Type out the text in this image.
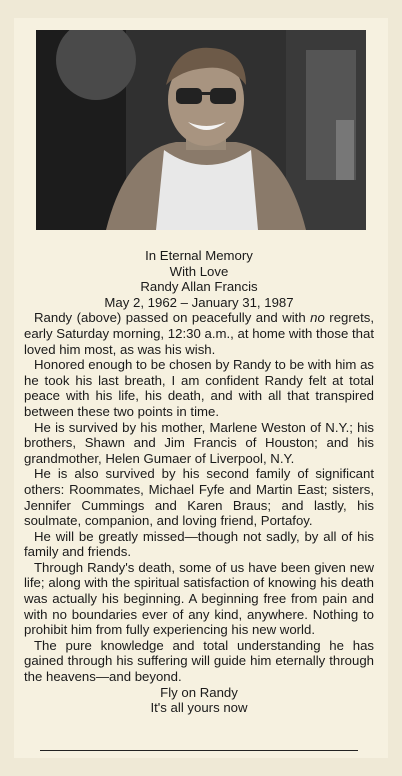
In Eternal Memory
With Love
Randy Allan Francis
May 2, 1962 – January 31, 1987
Randy (above) passed on peacefully and with no regrets, early Saturday morning, 12:30 a.m., at home with those that loved him most, as was his wish.
Honored enough to be chosen by Randy to be with him as he took his last breath, I am confident Randy felt at total peace with his life, his death, and with all that transpired between these two points in time.
He is survived by his mother, Marlene Weston of N.Y.; his brothers, Shawn and Jim Francis of Houston; and his grandmother, Helen Gumaer of Liverpool, N.Y.
He is also survived by his second family of significant others: Roommates, Michael Fyfe and Martin East; sisters, Jennifer Cummings and Karen Braus; and lastly, his soulmate, companion, and loving friend, Portafoy.
He will be greatly missed—though not sadly, by all of his family and friends.
Through Randy's death, some of us have been given new life; along with the spiritual satisfaction of knowing his death was actually his beginning. A beginning free from pain and with no boundaries ever of any kind, anywhere. Nothing to prohibit him from fully experiencing his new world.
The pure knowledge and total understanding he has gained through his suffering will guide him eternally through the heavens—and beyond.
Fly on Randy
It's all yours now
